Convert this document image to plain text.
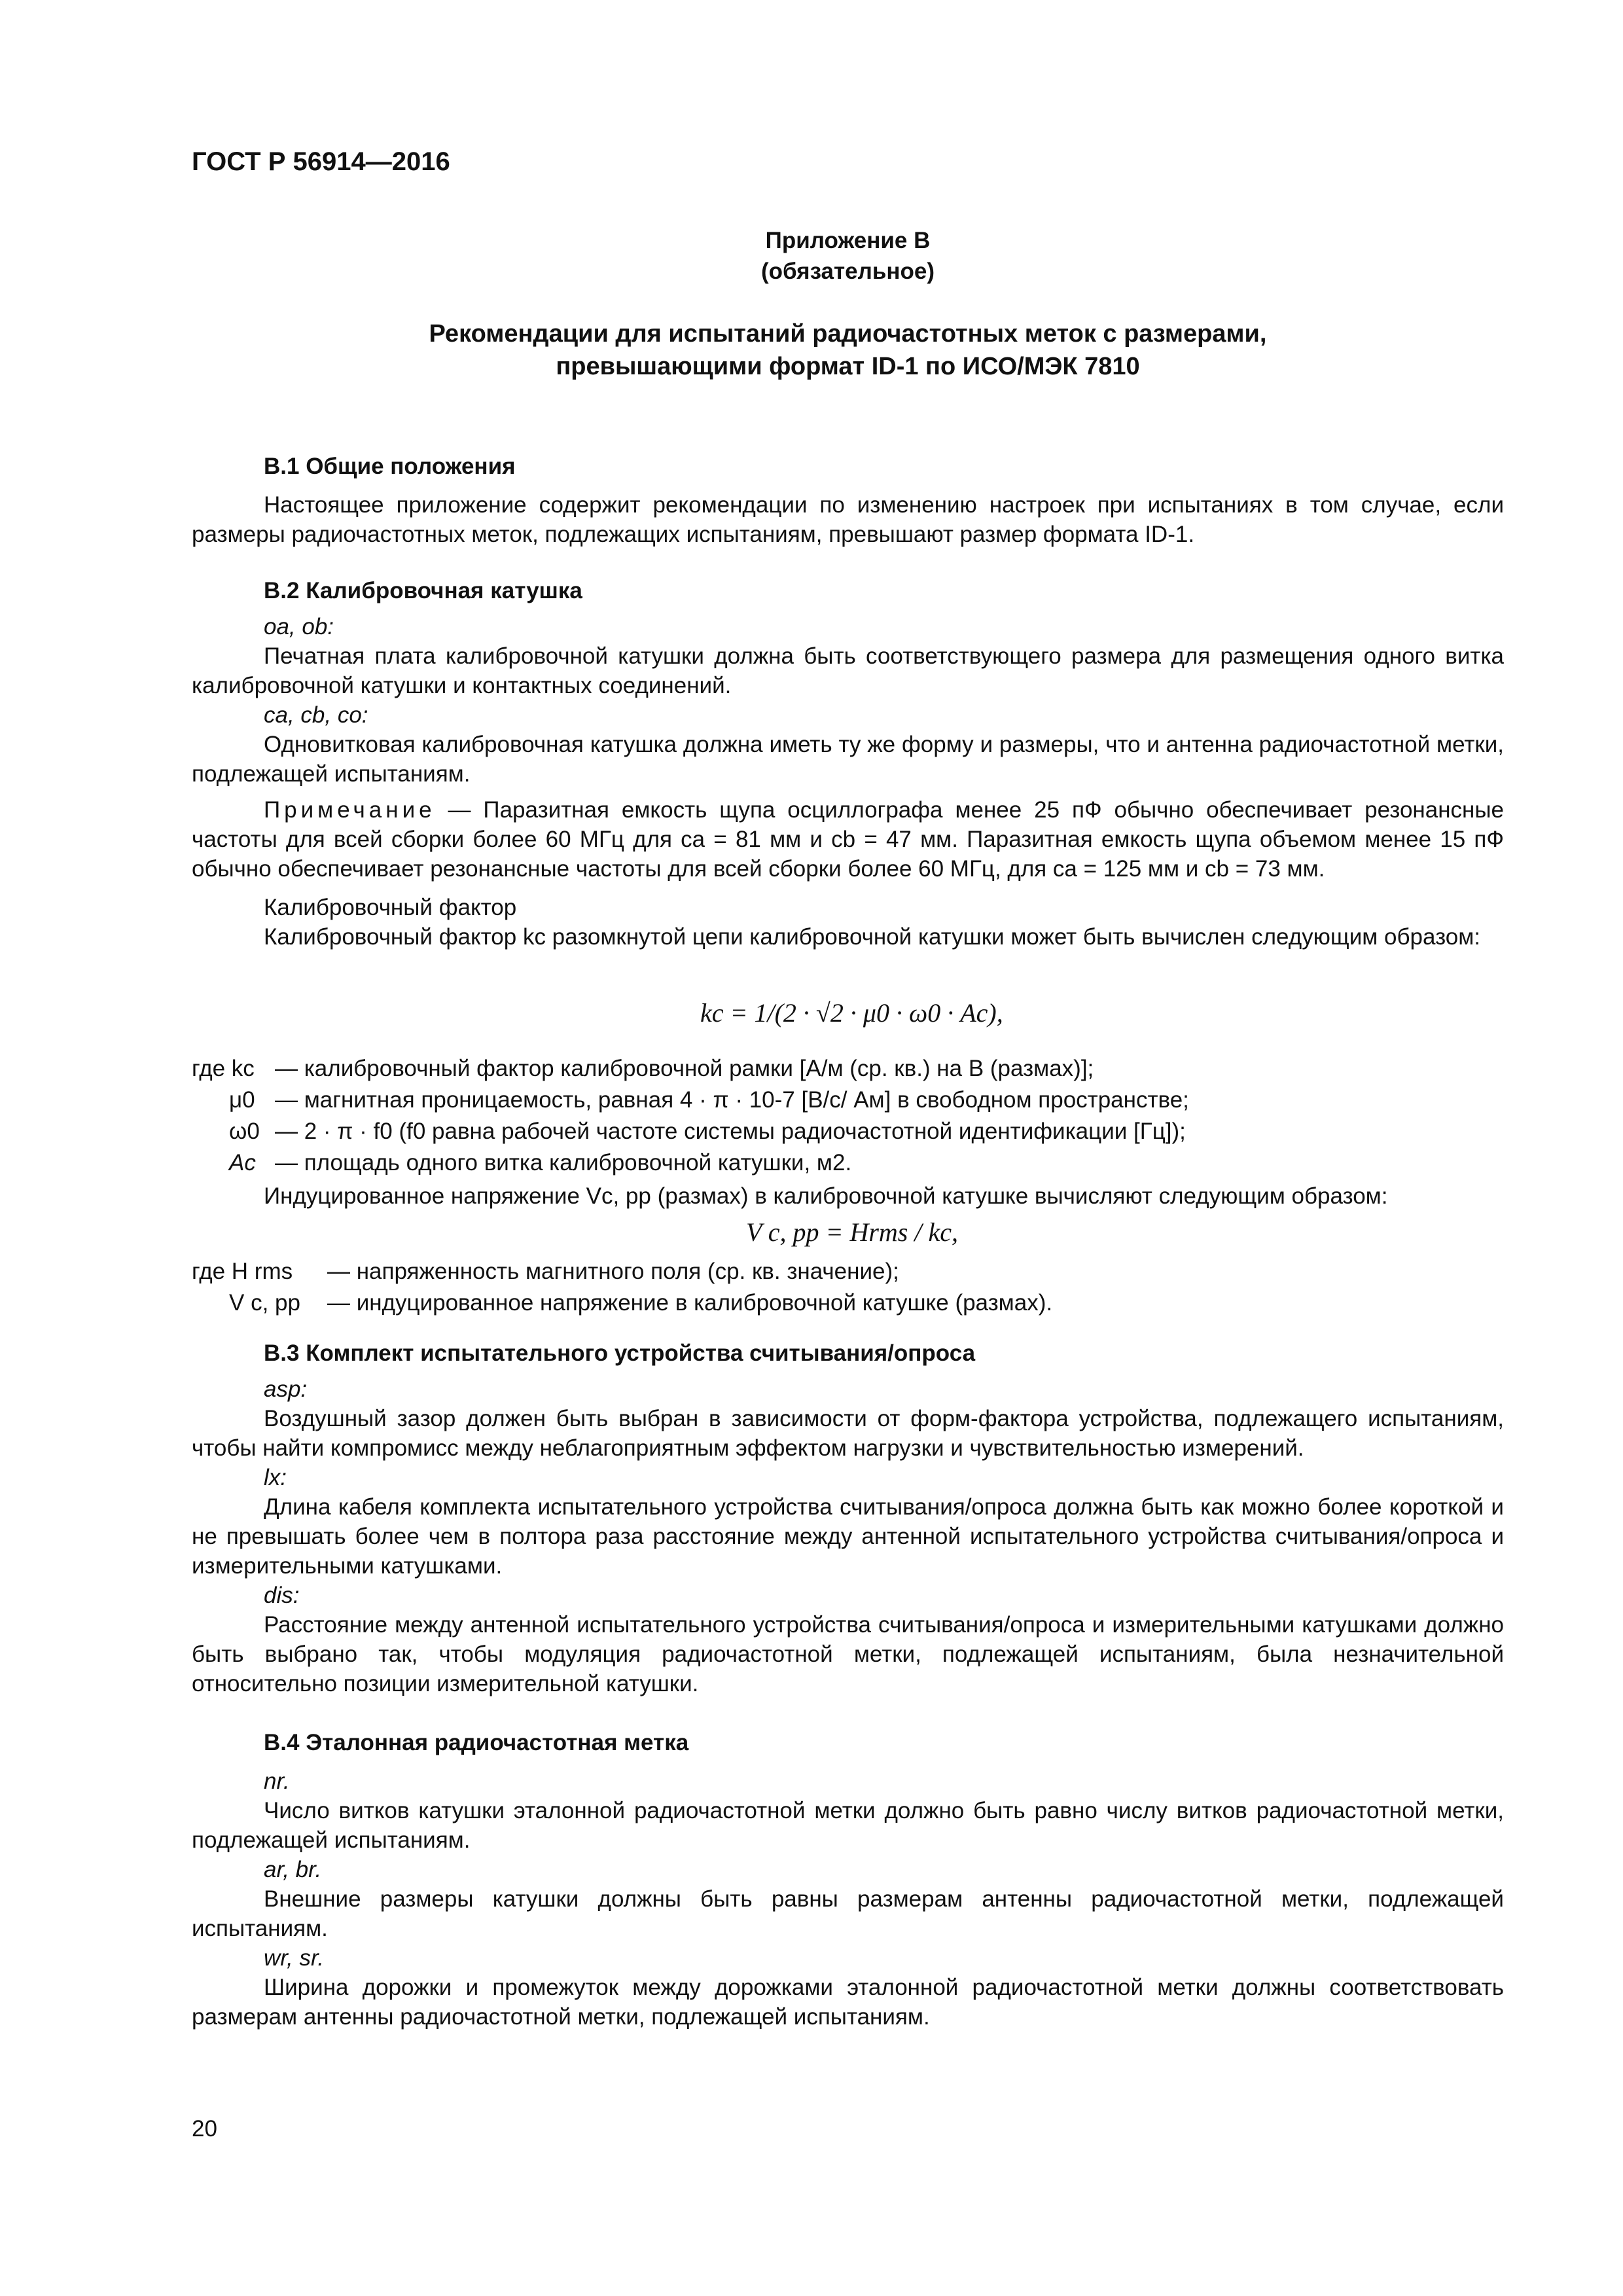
ГОСТ Р 56914—2016
Приложение В
(обязательное)
Рекомендации для испытаний радиочастотных меток с размерами,
превышающими формат ID-1 по ИСО/МЭК 7810

В.1 Общие положения

Настоящее приложение содержит рекомендации по изменению настроек при испытаниях в том случае, если размеры радиочастотных меток, подлежащих испытаниям, превышают размер формата ID-1.

В.2 Калибровочная катушка

оа, ob:

Печатная плата калибровочной катушки должна быть соответствующего размера для размещения одного витка калибровочной катушки и контактных соединений.

ca, cb, co:

Одновитковая калибровочная катушка должна иметь ту же форму и размеры, что и антенна радиочастотной метки, подлежащей испытаниям.

Примечание — Паразитная емкость щупа осциллографа менее 25 пФ обычно обеспечивает резонансные частоты для всей сборки более 60 МГц для ca = 81 мм и cb = 47 мм. Паразитная емкость щупа объемом менее 15 пФ обычно обеспечивает резонансные частоты для всей сборки более 60 МГц, для ca = 125 мм и cb = 73 мм.

Калибровочный фактор

Калибровочный фактор kc разомкнутой цепи калибровочной катушки может быть вычислен следующим образом:

kc = 1/(2 · √2 · μ0 · ω0 · Ac),
где kc — калибровочный фактор калибровочной рамки [А/м (ср. кв.) на В (размах)];
μ0 — магнитная проницаемость, равная 4 · π · 10-7 [В/с/ Ам] в свободном пространстве;
ω0 — 2 · π · f0 (f0 равна рабочей частоте системы радиочастотной идентификации [Гц]);
Ac — площадь одного витка калибровочной катушки, м2.
Индуцированное напряжение Vc, pp (размах) в калибровочной катушке вычисляют следующим образом:
V c, pp = Hrms / kc,
где H rms — напряженность магнитного поля (ср. кв. значение);
V c, pp — индуцированное напряжение в калибровочной катушке (размах).

В.3 Комплект испытательного устройства считывания/опроса

asp:

Воздушный зазор должен быть выбран в зависимости от форм-фактора устройства, подлежащего испытаниям, чтобы найти компромисс между неблагоприятным эффектом нагрузки и чувствительностью измерений.

lx:

Длина кабеля комплекта испытательного устройства считывания/опроса должна быть как можно более короткой и не превышать более чем в полтора раза расстояние между антенной испытательного устройства считывания/опроса и измерительными катушками.

dis:

Расстояние между антенной испытательного устройства считывания/опроса и измерительными катушками должно быть выбрано так, чтобы модуляция радиочастотной метки, подлежащей испытаниям, была незначительной относительно позиции измерительной катушки.

В.4 Эталонная радиочастотная метка

nr.

Число витков катушки эталонной радиочастотной метки должно быть равно числу витков радиочастотной метки, подлежащей испытаниям.

ar, br.

Внешние размеры катушки должны быть равны размерам антенны радиочастотной метки, подлежащей испытаниям.

wr, sr.

Ширина дорожки и промежуток между дорожками эталонной радиочастотной метки должны соответствовать размерам антенны радиочастотной метки, подлежащей испытаниям.

20
